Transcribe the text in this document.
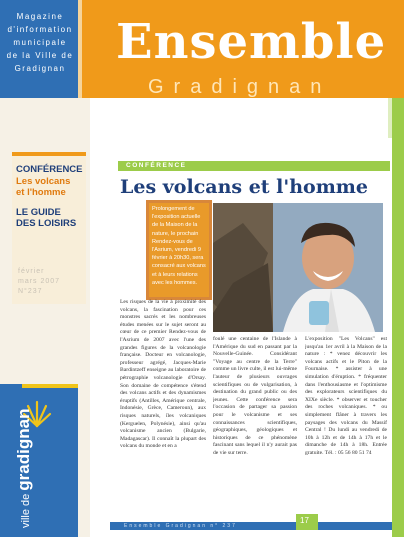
Magazine
d'information
municipale
de la Ville de
Gradignan Ensemble
Gradignan
CONFÉRENCE
Les volcans
et l'homme
LE GUIDE
DES LOISIRS
février
mars 2007
N°237
ville de gradignan
CONFÉRENCE
Les volcans et l'homme
Prolongement de l'exposition actuelle de la Maison de la nature, le prochain Rendez-vous de l'Asrium, vendredi 9 février à 20h30, sera consacré aux volcans et à leurs relations avec les hommes.
Les risques de la vie à proximité des volcans, la fascination pour ces monstres sacrés et les nombreuses études menées sur le sujet seront au cœur de ce premier Rendez-vous de l'Asrium de 2007 avec l'une des grandes figures de la volcanologie française. Docteur en volcanologie, professeur agrégé, Jacques-Marie Bardintzeff enseigne au laboratoire de pétrographie volcanologie d'Orsay. Son domaine de compétence s'étend des volcans actifs et des dynamismes éruptifs (Antilles, Amérique centrale, Indonésie, Grèce, Cameroun), aux risques naturels, îles volcaniques (Kerguelen, Polynésie), ainsi qu'au volcanisme ancien (Bulgarie, Madagascar). Il connaît la plupart des volcans du monde et en a
foulé une centaine de l'Islande à l'Amérique du sud en passant par la Nouvelle-Guinée. Considérant "Voyage au centre de la Terre" comme un livre culte, il est lui-même l'auteur de plusieurs ouvrages scientifiques ou de vulgarisation, à destination du grand public ou des jeunes. Cette conférence sera l'occasion de partager sa passion pour le volcanisme et ses connaissances scientifiques, géographiques, géologiques et historiques de ce phénomène fascinant sans lequel il n'y aurait pas de vie sur terre.
L'exposition "Les Volcans" est jusqu'au 1er avril à la Maison de la nature : * venez découvrir les volcans actifs et le Piton de la Fournaise. * assister à une simulation d'éruption. * fréquenter dans l'enthousiasme et l'optimisme des explorateurs scientifiques du XIXe siècle. * observer et toucher des roches volcaniques. * ou simplement flâner à travers les paysages des volcans du Massif Central ! Du lundi au vendredi de 10h à 12h et de 14h à 17h et le dimanche de 14h à 18h. Entrée gratuite. Tél. : 05 56 80 51 74
Ensemble Gradignan n° 237
17
